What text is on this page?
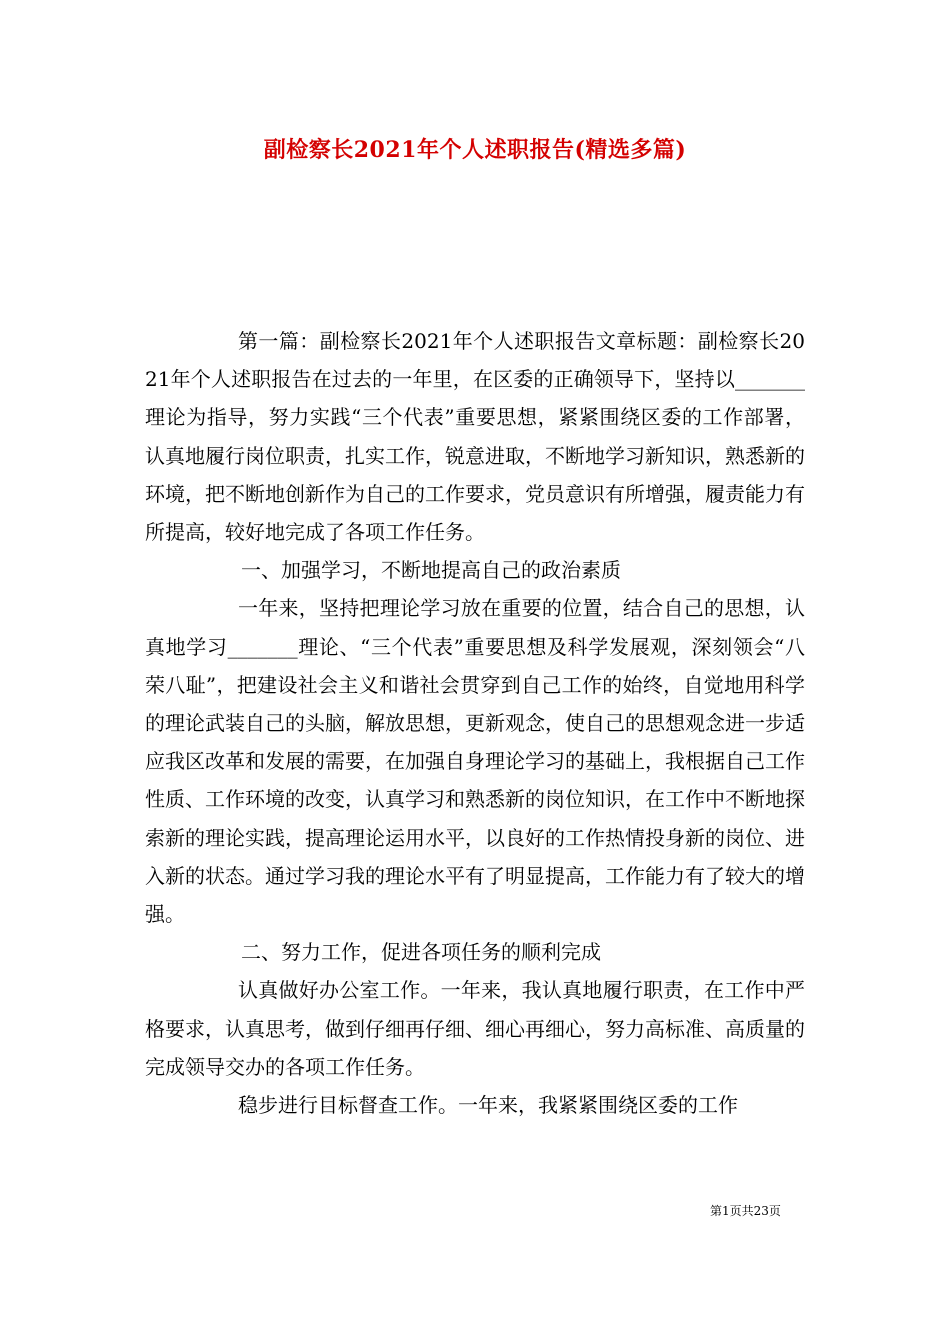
副检察长2021年个人述职报告(精选多篇)

第一篇：副检察长2021年个人述职报告文章标题：副检察长2021年个人述职报告在过去的一年里，在区委的正确领导下，坚持以_______理论为指导，努力实践“三个代表”重要思想，紧紧围绕区委的工作部署，认真地履行岗位职责，扎实工作，锐意进取，不断地学习新知识，熟悉新的环境，把不断地创新作为自己的工作要求，党员意识有所增强，履责能力有所提高，较好地完成了各项工作任务。

一、加强学习，不断地提高自己的政治素质

一年来，坚持把理论学习放在重要的位置，结合自己的思想，认真地学习_______理论、“三个代表”重要思想及科学发展观，深刻领会“八荣八耻”，把建设社会主义和谐社会贯穿到自己工作的始终，自觉地用科学的理论武装自己的头脑，解放思想，更新观念，使自己的思想观念进一步适应我区改革和发展的需要，在加强自身理论学习的基础上，我根据自己工作性质、工作环境的改变，认真学习和熟悉新的岗位知识，在工作中不断地探索新的理论实践，提高理论运用水平，以良好的工作热情投身新的岗位、进入新的状态。通过学习我的理论水平有了明显提高，工作能力有了较大的增强。

二、努力工作，促进各项任务的顺利完成

认真做好办公室工作。一年来，我认真地履行职责，在工作中严格要求，认真思考，做到仔细再仔细、细心再细心，努力高标准、高质量的完成领导交办的各项工作任务。

稳步进行目标督查工作。一年来，我紧紧围绕区委的工作

第1页共23页
